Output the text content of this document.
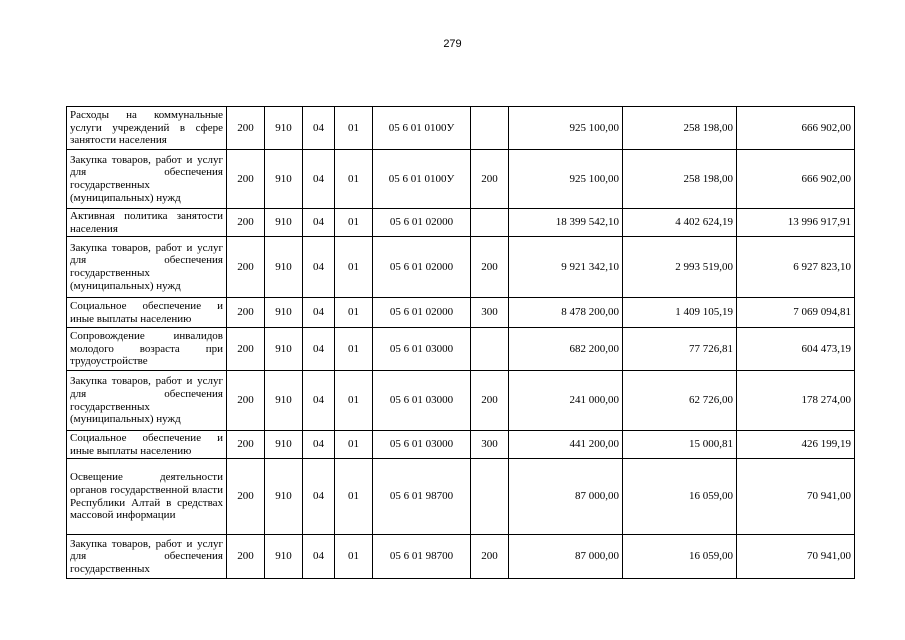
279
Расходы на коммунальные услуги учреждений в сфере занятости населения	200	910	04	01	05 6 01 0100У		925 100,00	258 198,00	666 902,00
Закупка товаров, работ и услуг для обеспечения государственных (муниципальных) нужд	200	910	04	01	05 6 01 0100У	200	925 100,00	258 198,00	666 902,00
Активная политика занятости населения	200	910	04	01	05 6 01 02000		18 399 542,10	4 402 624,19	13 996 917,91
Закупка товаров, работ и услуг для обеспечения государственных (муниципальных) нужд	200	910	04	01	05 6 01 02000	200	9 921 342,10	2 993 519,00	6 927 823,10
Социальное обеспечение и иные выплаты населению	200	910	04	01	05 6 01 02000	300	8 478 200,00	1 409 105,19	7 069 094,81
Сопровождение инвалидов молодого возраста при трудоустройстве	200	910	04	01	05 6 01 03000		682 200,00	77 726,81	604 473,19
Закупка товаров, работ и услуг для обеспечения государственных (муниципальных) нужд	200	910	04	01	05 6 01 03000	200	241 000,00	62 726,00	178 274,00
Социальное обеспечение и иные выплаты населению	200	910	04	01	05 6 01 03000	300	441 200,00	15 000,81	426 199,19
Освещение деятельности органов государственной власти Республики Алтай в средствах массовой информации	200	910	04	01	05 6 01 98700		87 000,00	16 059,00	70 941,00
Закупка товаров, работ и услуг для обеспечения государственных	200	910	04	01	05 6 01 98700	200	87 000,00	16 059,00	70 941,00
